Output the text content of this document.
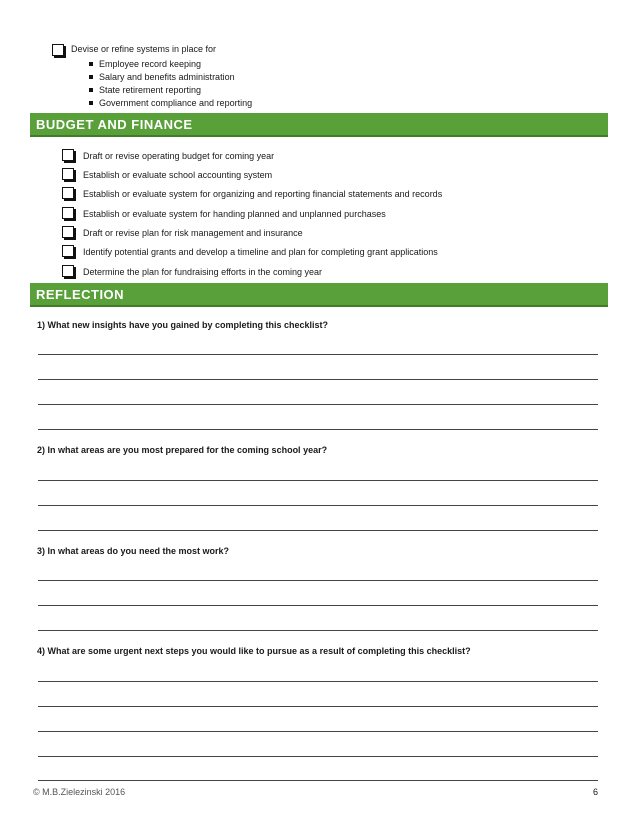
Devise or refine systems in place for
Employee record keeping
Salary and benefits administration
State retirement reporting
Government compliance and reporting
BUDGET AND FINANCE
Draft or revise operating budget for coming year
Establish or evaluate school accounting system
Establish or evaluate system for organizing and reporting financial statements and records
Establish or evaluate system for handing planned and unplanned purchases
Draft or revise plan for risk management and insurance
Identify potential grants and develop a timeline and plan for completing grant applications
Determine the plan for fundraising efforts in the coming year
REFLECTION
1) What new insights have you gained by completing this checklist?
2) In what areas are you most prepared for the coming school year?
3) In what areas do you need the most work?
4) What are some urgent next steps you would like to pursue as a result of completing this checklist?
© M.B.Zielezinski 2016	6
